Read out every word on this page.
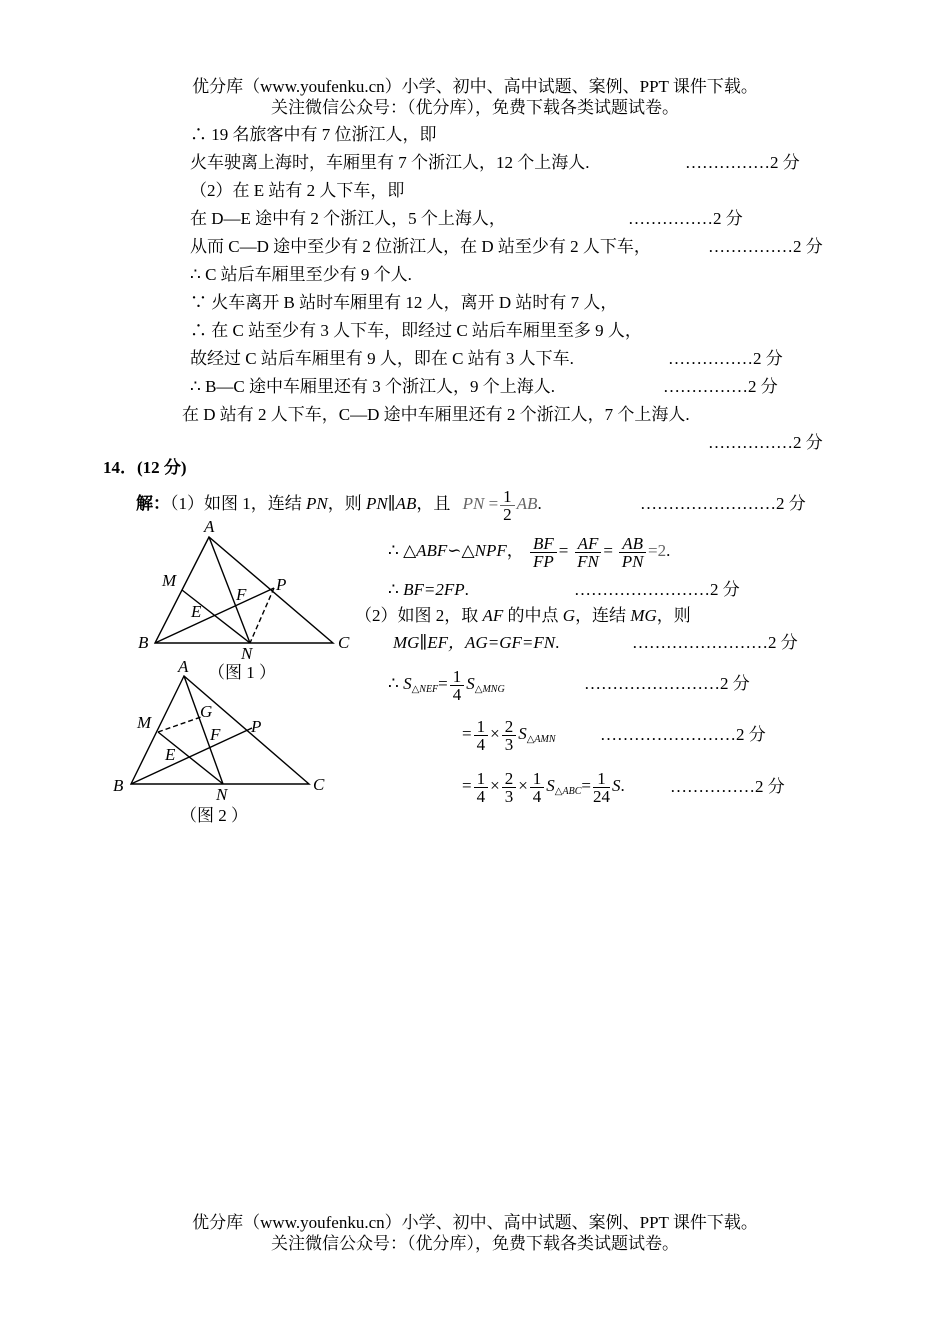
优分库（www.youfenku.cn）小学、初中、高中试题、案例、PPT 课件下载。
关注微信公众号：（优分库），免费下载各类试题试卷。
∴ 19 名旅客中有 7 位浙江人，即
火车驶离上海时，车厢里有 7 个浙江人，12 个上海人.	……………2 分
（2）在 E 站有 2 人下车，即
在 D—E 途中有 2 个浙江人，5 个上海人，	……………2 分
从而 C—D 途中至少有 2 位浙江人，在 D 站至少有 2 人下车，	……………2 分
∴ C 站后车厢里至少有 9 个人.
∵ 火车离开 B 站时车厢里有 12 人，离开 D 站时有 7 人，
∴ 在 C 站至少有 3 人下车，即经过 C 站后车厢里至多 9 人，
故经过 C 站后车厢里有 9 人，即在 C 站有 3 人下车.	……………2 分
∴ B—C 途中车厢里还有 3 个浙江人，9 个上海人.	……………2 分
在 D 站有 2 人下车，C—D 途中车厢里还有 2 个浙江人，7 个上海人.
……………2 分
14．(12 分)
解：（1）如图 1，连结 PN，则 PN∥AB，且 PN = $\frac{1}{2}$ AB.	……………………2 分
∴ △ABF∽△NPF， $\frac{BF}{FP} = \frac{AF}{FN} = \frac{AB}{PN} =2$.
∴ BF=2FP.	……………………2 分
（2）如图 2，取 AF 的中点 G，连结 MG，则
MG∥EF，AG=GF=FN.	……………………2 分
∴ $S_{\triangle NEF}= \frac{1}{4} S_{\triangle MNG}$	……………………2 分
= $\frac{1}{4} \times \frac{2}{3} S_{\triangle AMN}$	……………………2 分
= $\frac{1}{4} \times \frac{2}{3} \times \frac{1}{4} S_{\triangle ABC}= \frac{1}{24} S$.	……………2 分
A
M
E
F
P
B
N
C
（图 1 ）
A
M
G
E
F P
B	N
C
（图 2 ）
优分库（www.youfenku.cn）小学、初中、高中试题、案例、PPT 课件下载。
关注微信公众号：（优分库），免费下载各类试题试卷。
